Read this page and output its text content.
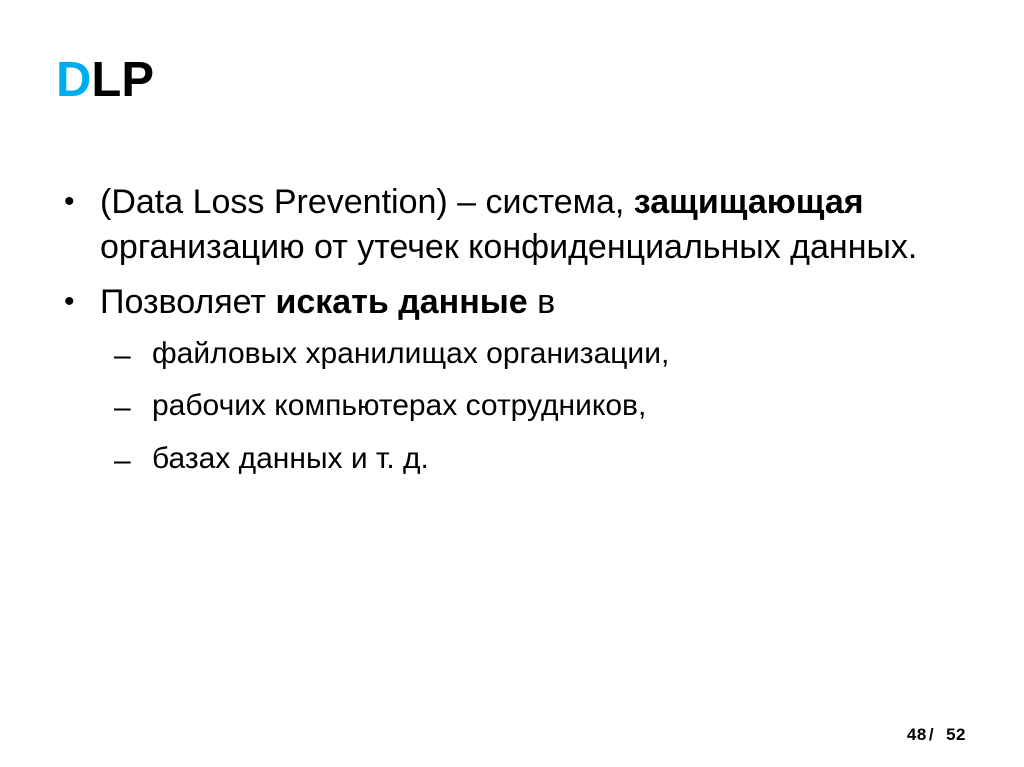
DLP
• (Data Loss Prevention) – система, защищающая организацию от утечек конфиденциальных данных.
• Позволяет искать данные в
– файловых хранилищах организации,
– рабочих компьютерах сотрудников,
– базах данных и т. д.
48 / 52
